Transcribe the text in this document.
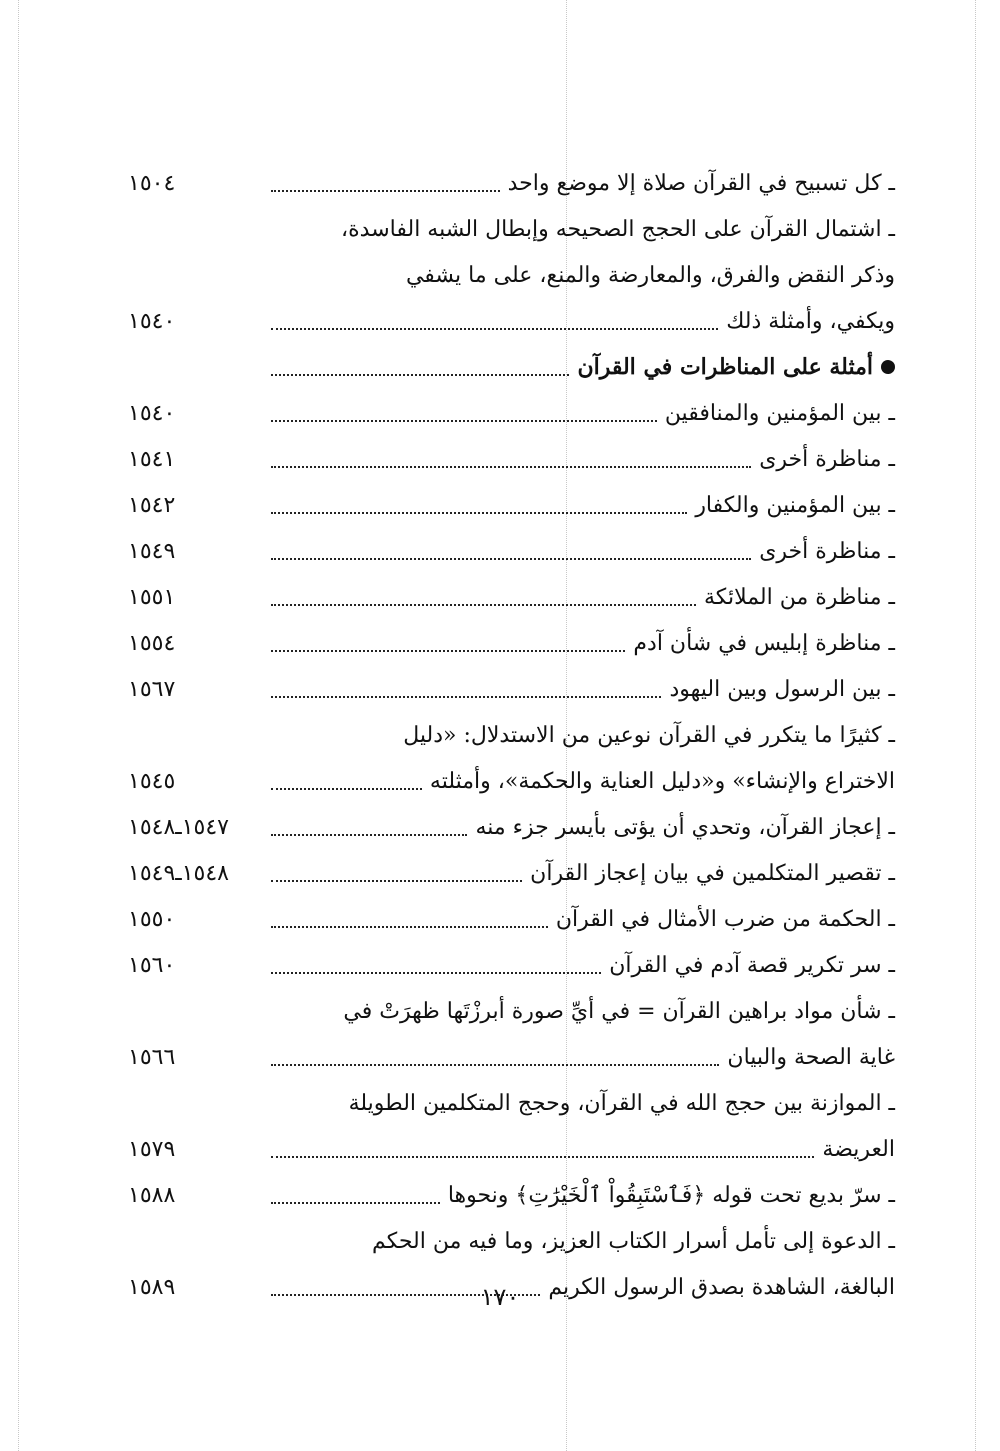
ـ كل تسبيح في القرآن صلاة إلا موضع واحد
١٥٠٤
ـ اشتمال القرآن على الحجج الصحيحه وإبطال الشبه الفاسدة،
وذكر النقض والفرق، والمعارضة والمنع، على ما يشفي
ويكفي، وأمثلة ذلك
١٥٤٠
أمثلة على المناظرات في القرآن
ـ بين المؤمنين والمنافقين
١٥٤٠
ـ مناظرة أخرى
١٥٤١
ـ بين المؤمنين والكفار
١٥٤٢
ـ مناظرة أخرى
١٥٤٩
ـ مناظرة من الملائكة
١٥٥١
ـ مناظرة إبليس في شأن آدم
١٥٥٤
ـ بين الرسول وبين اليهود
١٥٦٧
ـ كثيرًا ما يتكرر في القرآن نوعين من الاستدلال: «دليل
الاختراع والإنشاء» و«دليل العناية والحكمة»، وأمثلته
١٥٤٥
ـ إعجاز القرآن، وتحدي أن يؤتى بأيسر جزء منه
١٥٤٧ـ١٥٤٨
ـ تقصير المتكلمين في بيان إعجاز القرآن
١٥٤٨ـ١٥٤٩
ـ الحكمة من ضرب الأمثال في القرآن
١٥٥٠
ـ سر تكرير قصة آدم في القرآن
١٥٦٠
ـ شأن مواد براهين القرآن = في أيِّ صورة أبرزْتَها ظهرَتْ في
غاية الصحة والبيان
١٥٦٦
ـ الموازنة بين حجج الله في القرآن، وحجج المتكلمين الطويلة
العريضة
١٥٧٩
ـ سرّ بديع تحت قوله ﴿فَٱسْتَبِقُواْ ٱلْخَيْرَٰتِ﴾ ونحوها
١٥٨٨
ـ الدعوة إلى تأمل أسرار الكتاب العزيز، وما فيه من الحكم
البالغة، الشاهدة بصدق الرسول الكريم
١٥٨٩	١٧٠
